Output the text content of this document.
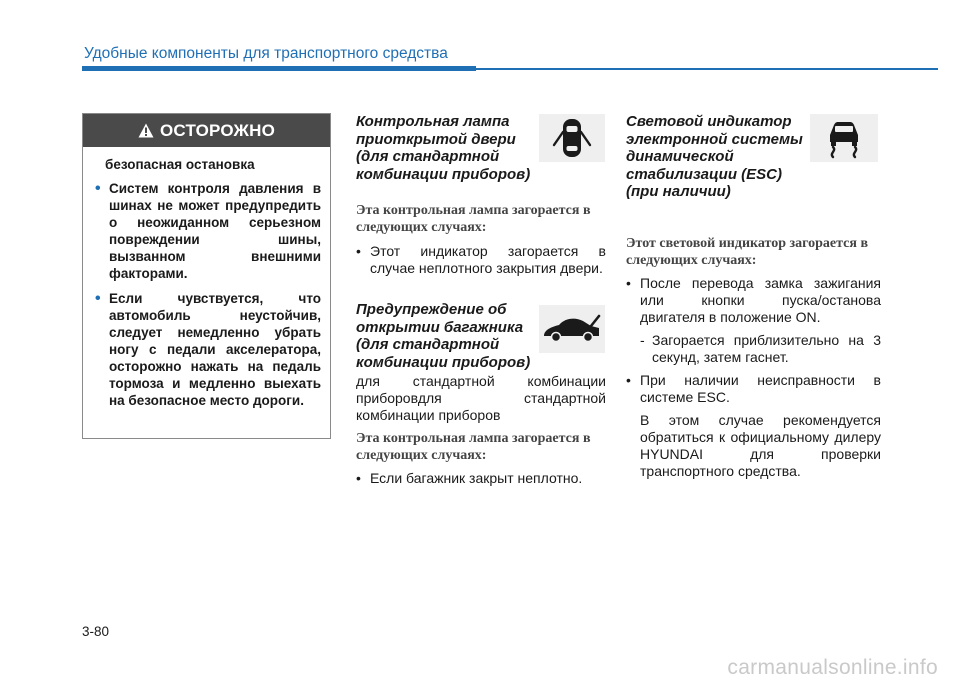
Удобные компоненты для транспортного средства
ОСТОРОЖНО
безопасная остановка
• Систем контроля давления в шинах не может предупредить о неожиданном серьезном повреждении шины, вызванном внешними факторами.
• Если чувствуется, что автомобиль неустойчив, следует немедленно убрать ногу с педали акселератора, осторожно нажать на педаль тормоза и медленно выехать на безопасное место дороги.
Контрольная лампа приоткрытой двери (для стандартной комбинации приборов)
Эта контрольная лампа загорается в следующих случаях:
• Этот индикатор загорается в случае неплотного закрытия двери.
Предупреждение об открытии багажника (для стандартной комбинации приборов)
для стандартной комбинации приборовдля стандартной комбинации приборов
Эта контрольная лампа загорается в следующих случаях:
• Если багажник закрыт неплотно.
Световой индикатор электронной системы динамической стабилизации (ESC) (при наличии)
Этот световой индикатор загорается в следующих случаях:
• После перевода замка зажигания или кнопки пуска/останова двигателя в положение ON.
- Загорается приблизительно на 3 секунд, затем гаснет.
• При наличии неисправности в системе ESC.
В этом случае рекомендуется обратиться к официальному дилеру HYUNDAI для проверки транспортного средства.
3-80
carmanualsonline.info
